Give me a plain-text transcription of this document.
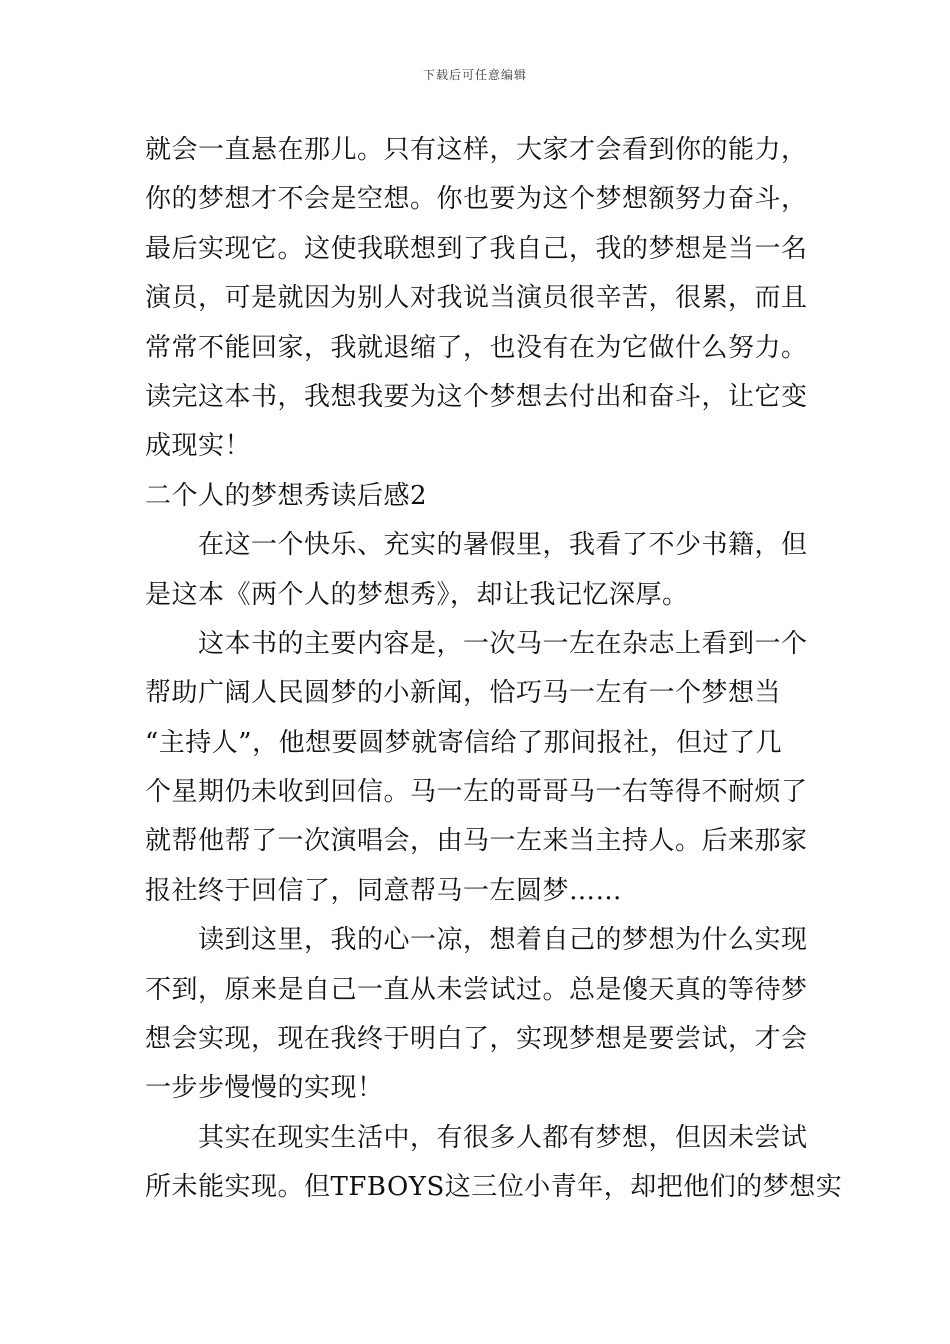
下载后可任意编辑
就会一直悬在那儿。只有这样，大家才会看到你的能力，
你的梦想才不会是空想。你也要为这个梦想额努力奋斗，
最后实现它。这使我联想到了我自己，我的梦想是当一名
演员，可是就因为别人对我说当演员很辛苦，很累，而且
常常不能回家，我就退缩了，也没有在为它做什么努力。
读完这本书，我想我要为这个梦想去付出和奋斗，让它变
成现实！
二个人的梦想秀读后感2
在这一个快乐、充实的暑假里，我看了不少书籍，但
是这本《两个人的梦想秀》，却让我记忆深厚。
这本书的主要内容是，一次马一左在杂志上看到一个
帮助广阔人民圆梦的小新闻，恰巧马一左有一个梦想当
“主持人”，他想要圆梦就寄信给了那间报社，但过了几
个星期仍未收到回信。马一左的哥哥马一右等得不耐烦了
就帮他帮了一次演唱会，由马一左来当主持人。后来那家
报社终于回信了，同意帮马一左圆梦……
读到这里，我的心一凉，想着自己的梦想为什么实现
不到，原来是自己一直从未尝试过。总是傻天真的等待梦
想会实现，现在我终于明白了，实现梦想是要尝试，才会
一步步慢慢的实现！
其实在现实生活中，有很多人都有梦想，但因未尝试
所未能实现。但TFBOYS这三位小青年，却把他们的梦想实
